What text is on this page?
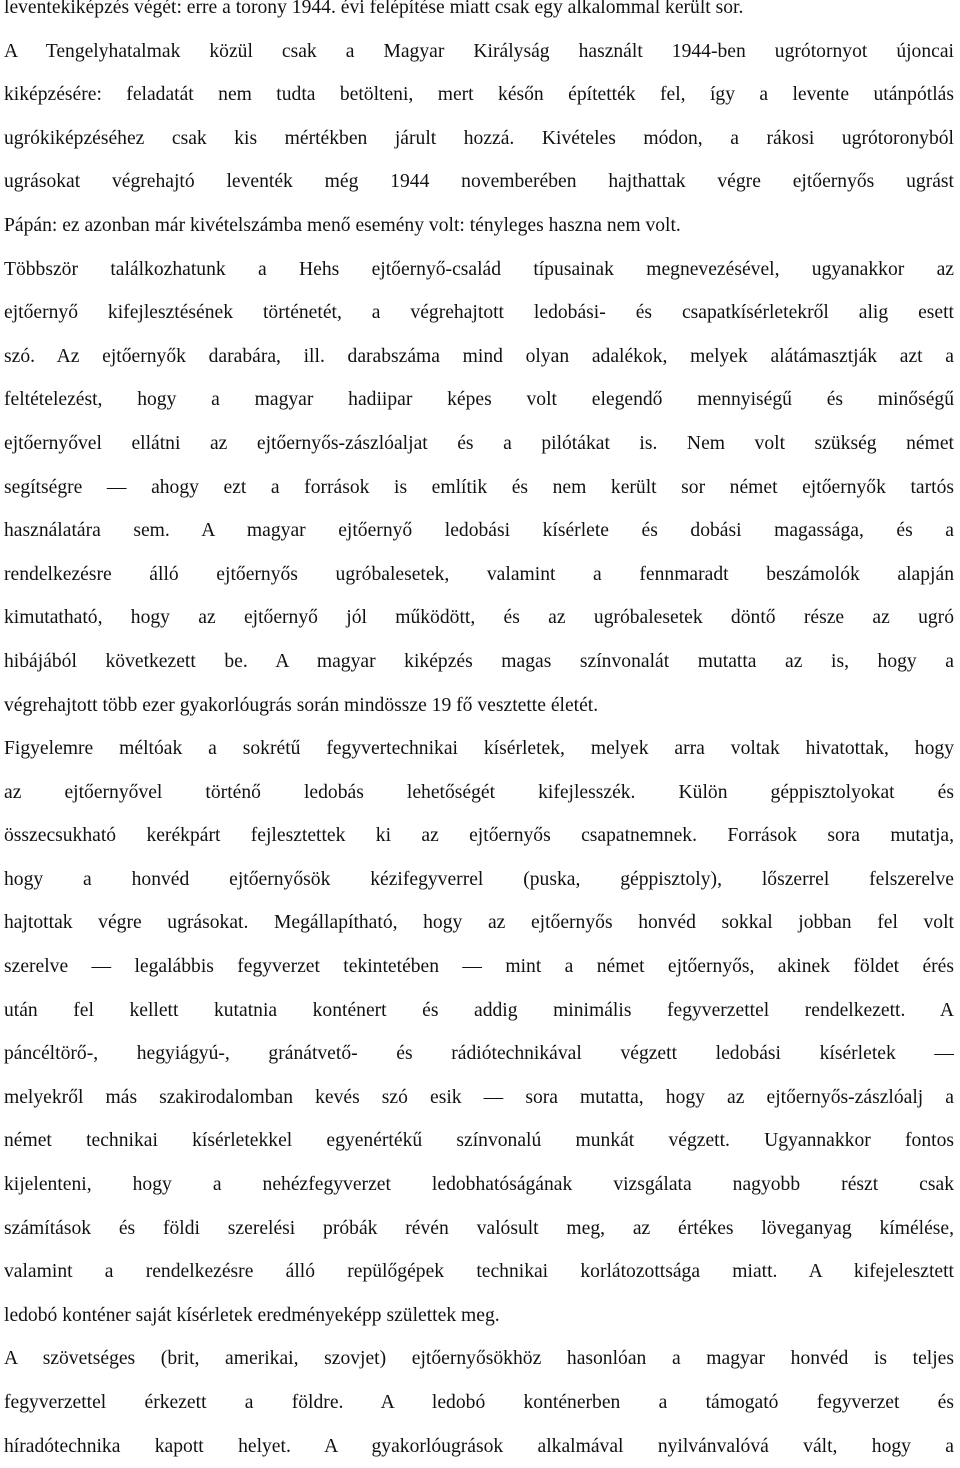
leventekiképzés végét: erre a torony 1944. évi felépítése miatt csak egy alkalommal került sor.
A Tengelyhatalmak közül csak a Magyar Királyság használt 1944-ben ugrótornyot újoncai
kiképzésére: feladatát nem tudta betölteni, mert későn építették fel, így a levente utánpótlás
ugrókiképzéséhez csak kis mértékben járult hozzá. Kivételes módon, a rákosi ugrótoronyból
ugrásokat végrehajtó leventék még 1944 novemberében hajthattak végre ejtőernyős ugrást
Pápán: ez azonban már kivételszámba menő esemény volt: tényleges haszna nem volt.
Többször találkozhatunk a Hehs ejtőernyő-család típusainak megnevezésével, ugyanakkor az
ejtőernyő kifejlesztésének történetét, a végrehajtott ledobási- és csapatkísérletekről alig esett
szó. Az ejtőernyők darabára, ill. darabszáma mind olyan adalékok, melyek alátámasztják azt a
feltételezést, hogy a magyar hadiipar képes volt elegendő mennyiségű és minőségű
ejtőernyővel ellátni az ejtőernyős-zászlóaljat és a pilótákat is. Nem volt szükség német
segítségre — ahogy ezt a források is említik és nem került sor német ejtőernyők tartós
használatára sem. A magyar ejtőernyő ledobási kísérlete és dobási magassága, és a
rendelkezésre álló ejtőernyős ugróbalesetek, valamint a fennmaradt beszámolók alapján
kimutatható, hogy az ejtőernyő jól működött, és az ugróbalesetek döntő része az ugró
hibájából következett be. A magyar kiképzés magas színvonalát mutatta az is, hogy a
végrehajtott több ezer gyakorlóugrás során mindössze 19 fő vesztette életét.
Figyelemre méltóak a sokrétű fegyvertechnikai kísérletek, melyek arra voltak hivatottak, hogy
az ejtőernyővel történő ledobás lehetőségét kifejlesszék. Külön géppisztolyokat és
összecsukható kerékpárt fejlesztettek ki az ejtőernyős csapatnemnek. Források sora mutatja,
hogy a honvéd ejtőernyősök kézifegyverrel (puska, géppisztoly), lőszerrel felszerelve
hajtottak végre ugrásokat. Megállapítható, hogy az ejtőernyős honvéd sokkal jobban fel volt
szerelve — legalábbis fegyverzet tekintetében — mint a német ejtőernyős, akinek földet érés
után fel kellett kutatnia konténert és addig minimális fegyverzettel rendelkezett. A
páncéltörő-, hegyiágyú-, gránátvető- és rádiótechnikával végzett ledobási kísérletek —
melyekről más szakirodalomban kevés szó esik — sora mutatta, hogy az ejtőernyős-zászlóalj a
német technikai kísérletekkel egyenértékű színvonalú munkát végzett. Ugyannakkor fontos
kijelenteni, hogy a nehézfegyverzet ledobhatóságának vizsgálata nagyobb részt csak
számítások és földi szerelési próbák révén valósult meg, az értékes löveganyag kímélése,
valamint a rendelkezésre álló repülőgépek technikai korlátozottsága miatt. A kifejelesztett
ledobó konténer saját kísérletek eredményeképp születtek meg.
A szövetséges (brit, amerikai, szovjet) ejtőernyősökhöz hasonlóan a magyar honvéd is teljes
fegyverzettel érkezett a földre. A ledobó konténerben a támogató fegyverzet és
híradótechnika kapott helyet. A gyakorlóugrások alkalmával nyilvánvalóvá vált, hogy a
